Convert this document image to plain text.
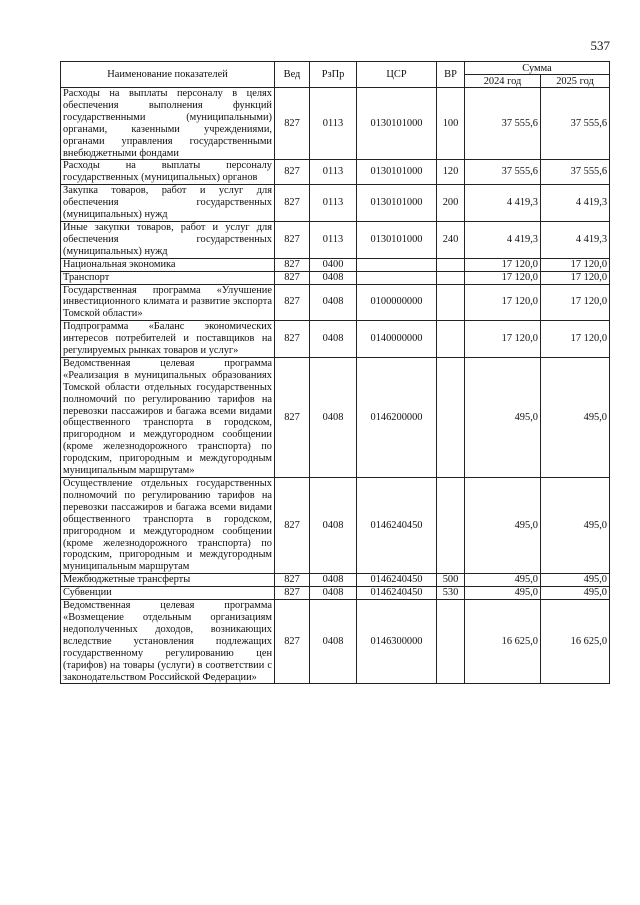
537
Наименование показателей	Вед	РзПр	ЦСР	ВР	Сумма	
					2024 год	2025 год
Расходы на выплаты персоналу в целях обеспечения выполнения функций государственными (муниципальными) органами, казенными учреждениями, органами управления государственными внебюджетными фондами	827	0113	0130101000	100	37 555,6	37 555,6
Расходы на выплаты персоналу государственных (муниципальных) органов	827	0113	0130101000	120	37 555,6	37 555,6
Закупка товаров, работ и услуг для обеспечения государственных (муниципальных) нужд	827	0113	0130101000	200	4 419,3	4 419,3
Иные закупки товаров, работ и услуг для обеспечения государственных (муниципальных) нужд	827	0113	0130101000	240	4 419,3	4 419,3
Национальная экономика	827	0400			17 120,0	17 120,0
Транспорт	827	0408			17 120,0	17 120,0
Государственная программа «Улучшение инвестиционного климата и развитие экспорта Томской области»	827	0408	0100000000		17 120,0	17 120,0
Подпрограмма «Баланс экономических интересов потребителей и поставщиков на регулируемых рынках товаров и услуг»	827	0408	0140000000		17 120,0	17 120,0
Ведомственная целевая программа «Реализация в муниципальных образованиях Томской области отдельных государственных полномочий по регулированию тарифов на перевозки пассажиров и багажа всеми видами общественного транспорта в городском, пригородном и междугородном сообщении (кроме железнодорожного транспорта) по городским, пригородным и междугородным муниципальным маршрутам»	827	0408	0146200000		495,0	495,0
Осуществление отдельных государственных полномочий по регулированию тарифов на перевозки пассажиров и багажа всеми видами общественного транспорта в городском, пригородном и междугородном сообщении (кроме железнодорожного транспорта) по городским, пригородным и междугородным муниципальным маршрутам	827	0408	0146240450		495,0	495,0
Межбюджетные трансферты	827	0408	0146240450	500	495,0	495,0
Субвенции	827	0408	0146240450	530	495,0	495,0
Ведомственная целевая программа «Возмещение отдельным организациям недополученных доходов, возникающих вследствие установления подлежащих государственному регулированию цен (тарифов) на товары (услуги) в соответствии с законодательством Российской Федерации»	827	0408	0146300000		16 625,0	16 625,0
